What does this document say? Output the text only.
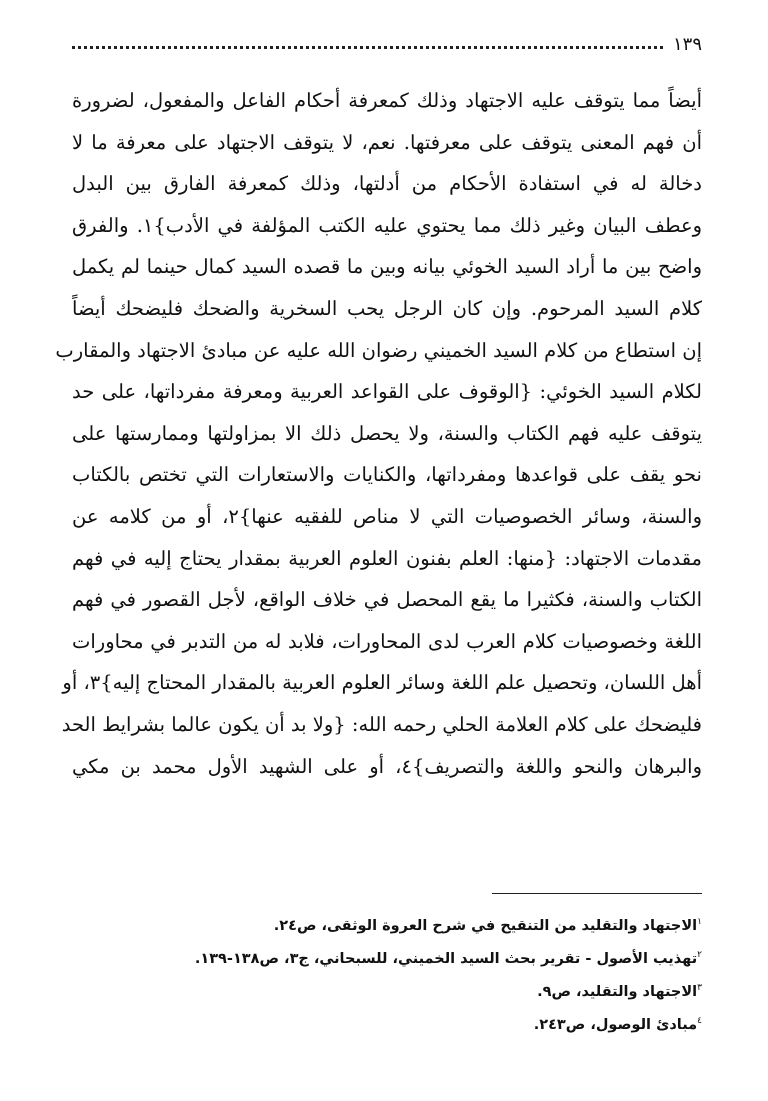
١٣٩
أيضاً مما يتوقف عليه الاجتهاد وذلك كمعرفة أحكام الفاعل والمفعول، لضرورة
أن فهم المعنى يتوقف على معرفتها. نعم، لا يتوقف الاجتهاد على معرفة ما لا
دخالة له في استفادة الأحكام من أدلتها، وذلك كمعرفة الفارق بين البدل
وعطف البيان وغير ذلك مما يحتوي عليه الكتب المؤلفة في الأدب}١. والفرق
واضح بين ما أراد السيد الخوئي بيانه وبين ما قصده السيد كمال حينما لم يكمل
كلام السيد المرحوم. وإن كان الرجل يحب السخرية والضحك فليضحك أيضاً
إن استطاع من كلام السيد الخميني رضوان الله عليه عن مبادئ الاجتهاد والمقارب
لكلام السيد الخوئي: {الوقوف على القواعد العربية ومعرفة مفرداتها، على حد
يتوقف عليه فهم الكتاب والسنة، ولا يحصل ذلك الا بمزاولتها وممارستها على
نحو يقف على قواعدها ومفرداتها، والكنايات والاستعارات التي تختص بالكتاب
والسنة، وسائر الخصوصيات التي لا مناص للفقيه عنها}٢، أو من كلامه عن
مقدمات الاجتهاد: {منها: العلم بفنون العلوم العربية بمقدار يحتاج إليه في فهم
الكتاب والسنة، فكثيرا ما يقع المحصل في خلاف الواقع، لأجل القصور في فهم
اللغة وخصوصيات كلام العرب لدى المحاورات، فلابد له من التدبر في محاورات
أهل اللسان، وتحصيل علم اللغة وسائر العلوم العربية بالمقدار المحتاج إليه}٣، أو
فليضحك على كلام العلامة الحلي رحمه الله: {ولا بد أن يكون عالما بشرايط الحد
والبرهان والنحو واللغة والتصريف}٤، أو على الشهيد الأول محمد بن مكي
$^١$الاجتهاد والتقليد من التنقيح في شرح العروة الوثقى، ص٢٤.
$^٢$تهذيب الأصول - تقرير بحث السيد الخميني، للسبحاني، ج٣، ص١٣٨-١٣٩.
$^٣$الاجتهاد والتقليد، ص٩.
$^٤$مبادئ الوصول، ص٢٤٣.
